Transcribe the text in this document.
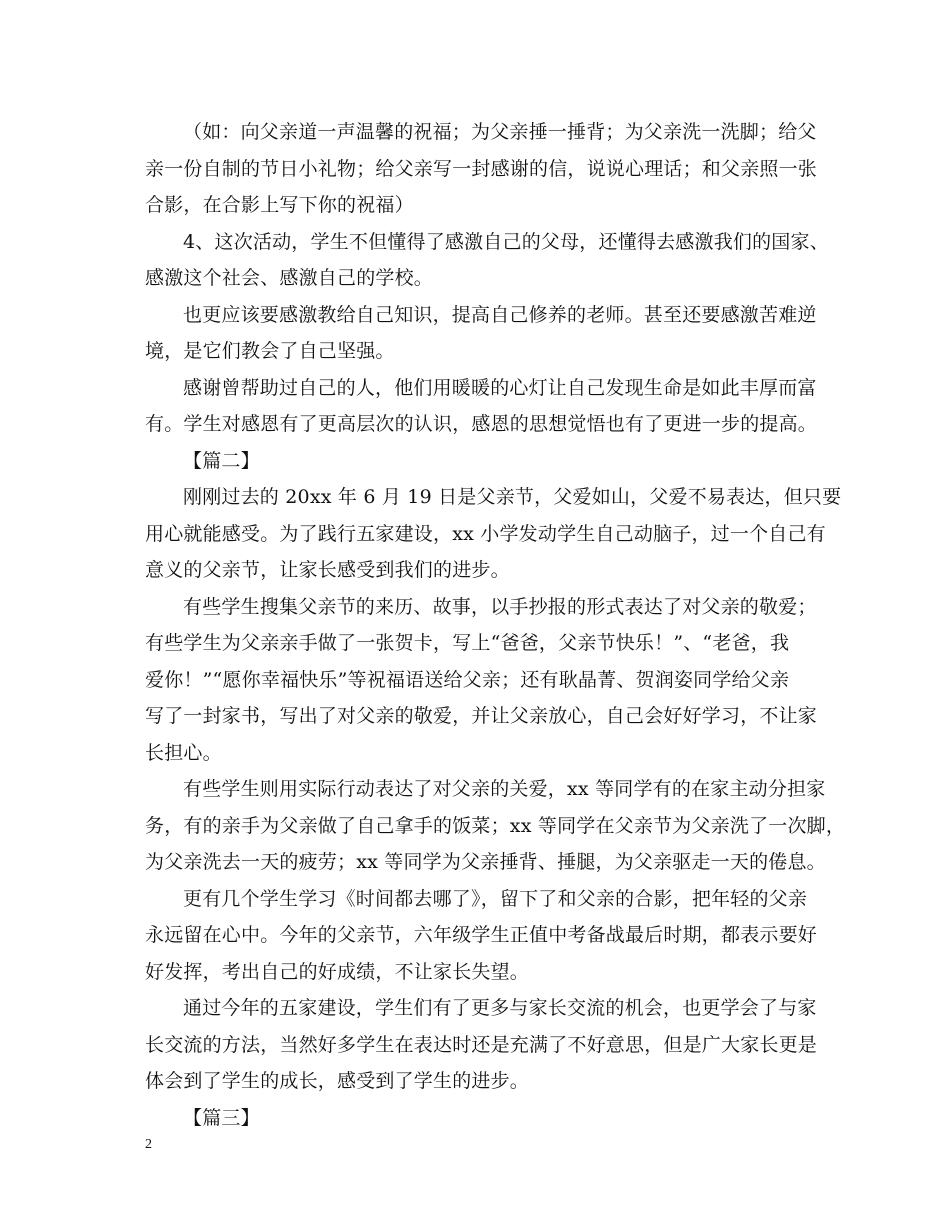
（如：向父亲道一声温馨的祝福；为父亲捶一捶背；为父亲洗一洗脚；给父
亲一份自制的节日小礼物；给父亲写一封感谢的信，说说心理话；和父亲照一张
合影，在合影上写下你的祝福）
4、这次活动，学生不但懂得了感激自己的父母，还懂得去感激我们的国家、
感激这个社会、感激自己的学校。
也更应该要感激教给自己知识，提高自己修养的老师。甚至还要感激苦难逆
境，是它们教会了自己坚强。
感谢曾帮助过自己的人，他们用暖暖的心灯让自己发现生命是如此丰厚而富
有。学生对感恩有了更高层次的认识，感恩的思想觉悟也有了更进一步的提高。
【篇二】
刚刚过去的 20xx 年 6 月 19 日是父亲节，父爱如山，父爱不易表达，但只要
用心就能感受。为了践行五家建设，xx 小学发动学生自己动脑子，过一个自己有
意义的父亲节，让家长感受到我们的进步。
有些学生搜集父亲节的来历、故事，以手抄报的形式表达了对父亲的敬爱；
有些学生为父亲亲手做了一张贺卡，写上“爸爸，父亲节快乐！”、“老爸，我
爱你！”“愿你幸福快乐”等祝福语送给父亲；还有耿晶菁、贺润姿同学给父亲
写了一封家书，写出了对父亲的敬爱，并让父亲放心，自己会好好学习，不让家
长担心。
有些学生则用实际行动表达了对父亲的关爱，xx 等同学有的在家主动分担家
务，有的亲手为父亲做了自己拿手的饭菜；xx 等同学在父亲节为父亲洗了一次脚，
为父亲洗去一天的疲劳；xx 等同学为父亲捶背、捶腿，为父亲驱走一天的倦息。
更有几个学生学习《时间都去哪了》，留下了和父亲的合影，把年轻的父亲
永远留在心中。今年的父亲节，六年级学生正值中考备战最后时期，都表示要好
好发挥，考出自己的好成绩，不让家长失望。
通过今年的五家建设，学生们有了更多与家长交流的机会，也更学会了与家
长交流的方法，当然好多学生在表达时还是充满了不好意思，但是广大家长更是
体会到了学生的成长，感受到了学生的进步。
【篇三】
2
